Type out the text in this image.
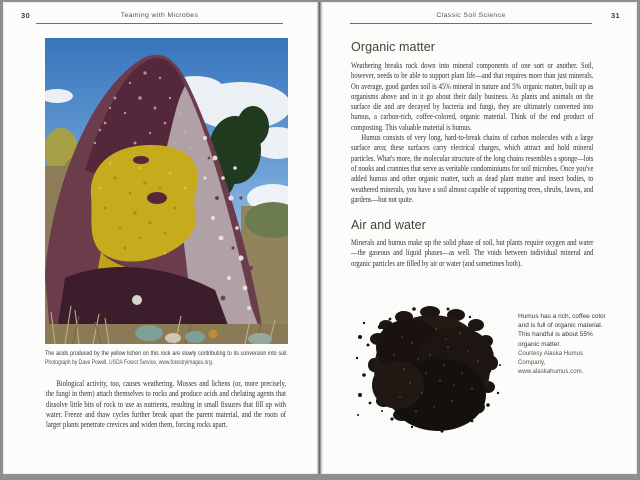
30	Teaming with Microbes
The acids produced by the yellow lichen on this rock are slowly contributing to its conversion into soil. Photograph by Dave Powell, USDA Forest Service, www.forestryimages.org.

Biological activity, too, causes weathering. Mosses and lichens (or, more precisely, the fungi in them) attach themselves to rocks and produce acids and chelating agents that dissolve little bits of rock to use as nutrients, resulting in small fissures that fill up with water. Freeze and thaw cycles further break apart the parent material, and the roots of larger plants penetrate crevices and widen them, forcing rocks apart.

31
Classic Soil Science
Organic matter

Weathering breaks rock down into mineral components of one sort or another. Soil, however, needs to be able to support plant life—and that requires more than just minerals. On average, good garden soil is 45% mineral in nature and 5% organic matter, built up as organisms above and in it go about their daily business. As plants and animals on the surface die and are decayed by bacteria and fungi, they are ultimately converted into humus, a carbon-rich, coffee-colored, organic material. Think of the end product of composting. This valuable material is humus.

Humus consists of very long, hard-to-break chains of carbon molecules with a large surface area; these surfaces carry electrical charges, which attract and hold mineral particles. What's more, the molecular structure of the long chains resembles a sponge—lots of nooks and crannies that serve as veritable condominiums for soil microbes. Once you've added humus and other organic matter, such as dead plant matter and insect bodies, to weathered minerals, you have a soil almost capable of supporting trees, shrubs, lawns, and gardens—but not quite.

Air and water

Minerals and humus make up the solid phase of soil, but plants require oxygen and water—the gaseous and liquid phases—as well. The voids between individual mineral and organic particles are filled by air or water (and sometimes both).

Humus has a rich, coffee color and is full of organic material. This handful is about 55% organic matter.
Courtesy Alaska Humus Company, www.alaskahumus.com.
